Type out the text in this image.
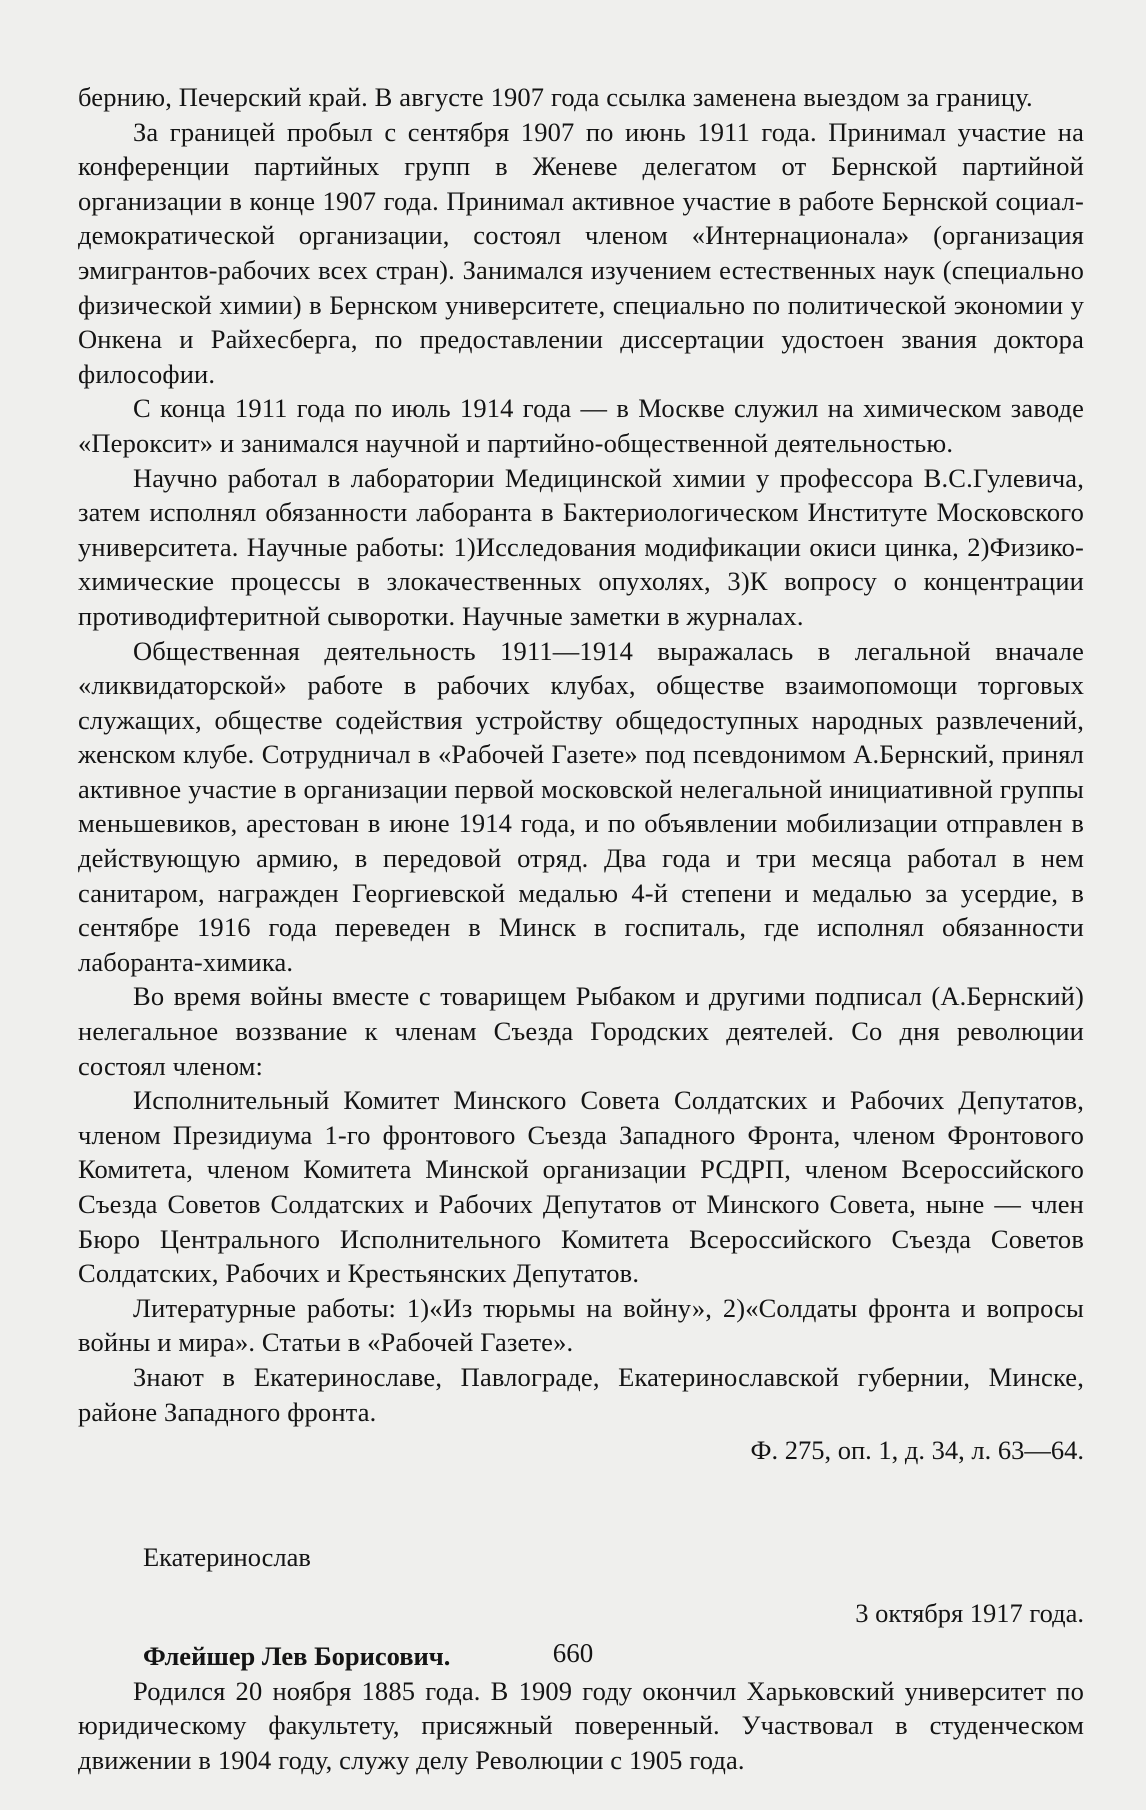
бернию, Печерский край. В августе 1907 года ссылка заменена выездом за границу.

За границей пробыл с сентября 1907 по июнь 1911 года. Принимал участие на конференции партийных групп в Женеве делегатом от Бернской партийной организации в конце 1907 года. Принимал активное участие в работе Бернской социал-демократической организации, состоял членом «Интернационала» (организация эмигрантов-рабочих всех стран). Занимался изучением естественных наук (специально физической химии) в Бернском университете, специально по политической экономии у Онкена и Райхесберга, по предоставлении диссертации удостоен звания доктора философии.

С конца 1911 года по июль 1914 года — в Москве служил на химическом заводе «Пероксит» и занимался научной и партийно-общественной деятельностью.

Научно работал в лаборатории Медицинской химии у профессора В.С.Гулевича, затем исполнял обязанности лаборанта в Бактериологическом Институте Московского университета. Научные работы: 1)Исследования модификации окиси цинка, 2)Физико-химические процессы в злокачественных опухолях, 3)К вопросу о концентрации противодифтеритной сыворотки. Научные заметки в журналах.

Общественная деятельность 1911—1914 выражалась в легальной вначале «ликвидаторской» работе в рабочих клубах, обществе взаимопомощи торговых служащих, обществе содействия устройству общедоступных народных развлечений, женском клубе. Сотрудничал в «Рабочей Газете» под псевдонимом А.Бернский, принял активное участие в организации первой московской нелегальной инициативной группы меньшевиков, арестован в июне 1914 года, и по объявлении мобилизации отправлен в действующую армию, в передовой отряд. Два года и три месяца работал в нем санитаром, награжден Георгиевской медалью 4-й степени и медалью за усердие, в сентябре 1916 года переведен в Минск в госпиталь, где исполнял обязанности лаборанта-химика.

Во время войны вместе с товарищем Рыбаком и другими подписал (А.Бернский) нелегальное воззвание к членам Съезда Городских деятелей. Со дня революции состоял членом:

Исполнительный Комитет Минского Совета Солдатских и Рабочих Депутатов, членом Президиума 1-го фронтового Съезда Западного Фронта, членом Фронтового Комитета, членом Комитета Минской организации РСДРП, членом Всероссийского Съезда Советов Солдатских и Рабочих Депутатов от Минского Совета, ныне — член Бюро Центрального Исполнительного Комитета Всероссийского Съезда Советов Солдатских, Рабочих и Крестьянских Депутатов.

Литературные работы: 1)«Из тюрьмы на войну», 2)«Солдаты фронта и вопросы войны и мира». Статьи в «Рабочей Газете».

Знают в Екатеринославе, Павлограде, Екатеринославской губернии, Минске, районе Западного фронта.

Ф. 275, оп. 1, д. 34, л. 63—64.

Екатеринослав

3 октября 1917 года.

Флейшер Лев Борисович.

Родился 20 ноября 1885 года. В 1909 году окончил Харьковский университет по юридическому факультету, присяжный поверенный. Участвовал в студенческом движении в 1904 году, служу делу Революции с 1905 года.

660
